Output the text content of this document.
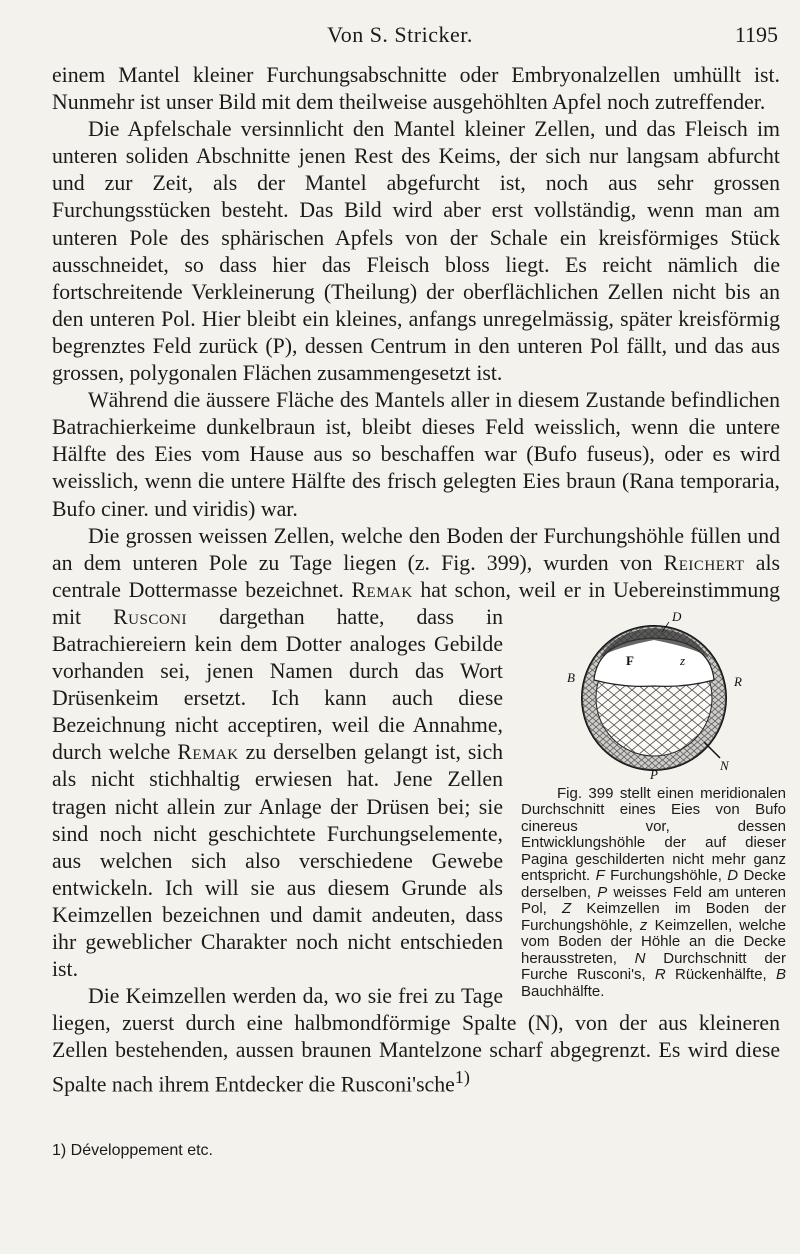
Von S. Stricker.	1195

einem Mantel kleiner Furchungsabschnitte oder Embryonalzellen umhüllt ist. Nunmehr ist unser Bild mit dem theilweise ausgehöhlten Apfel noch zutreffender.

Die Apfelschale versinnlicht den Mantel kleiner Zellen, und das Fleisch im unteren soliden Abschnitte jenen Rest des Keims, der sich nur langsam abfurcht und zur Zeit, als der Mantel abgefurcht ist, noch aus sehr grossen Furchungsstücken besteht. Das Bild wird aber erst vollständig, wenn man am unteren Pole des sphärischen Apfels von der Schale ein kreisförmiges Stück ausschneidet, so dass hier das Fleisch bloss liegt. Es reicht nämlich die fortschreitende Verkleinerung (Theilung) der oberflächlichen Zellen nicht bis an den unteren Pol. Hier bleibt ein kleines, anfangs unregelmässig, später kreisförmig begrenztes Feld zurück (P), dessen Centrum in den unteren Pol fällt, und das aus grossen, polygonalen Flächen zusammengesetzt ist.

Während die äussere Fläche des Mantels aller in diesem Zustande befindlichen Batrachierkeime dunkelbraun ist, bleibt dieses Feld weisslich, wenn die untere Hälfte des Eies vom Hause aus so beschaffen war (Bufo fuseus), oder es wird weisslich, wenn die untere Hälfte des frisch gelegten Eies braun (Rana temporaria, Bufo ciner. und viridis) war.

Die grossen weissen Zellen, welche den Boden der Furchungshöhle füllen und an dem unteren Pole zu Tage liegen (z. Fig. 399), wurden von Reichert als centrale Dottermasse bezeichnet. Remak hat schon, weil er in Uebereinstimmung mit	D
F	z
B	R
N
P
Fig. 399 stellt einen meridionalen Durchschnitt eines Eies von Bufo cinereus vor, dessen Entwicklungshöhle der auf dieser Pagina geschilderten nicht mehr ganz entspricht. F Furchungshöhle, D Decke derselben, P weisses Feld am unteren Pol, Z Keimzellen im Boden der Furchungshöhle, z Keimzellen, welche vom Boden der Höhle an die Decke herausstreten, N Durchschnitt der Furche Rusconi's, R Rückenhälfte, B Bauchhälfte.
Rusconi dargethan hatte, dass in Batrachiereiern kein dem Dotter analoges Gebilde vorhanden sei, jenen Namen durch das Wort Drüsenkeim ersetzt. Ich kann auch diese Bezeichnung nicht acceptiren, weil die Annahme, durch welche Remak zu derselben gelangt ist, sich als nicht stichhaltig erwiesen hat. Jene Zellen tragen nicht allein zur Anlage der Drüsen bei; sie sind noch nicht geschichtete Furchungselemente, aus welchen sich also verschiedene Gewebe entwickeln. Ich will sie aus diesem Grunde als Keimzellen bezeichnen und damit andeuten, dass ihr geweblicher Charakter noch nicht entschieden ist.

Die Keimzellen werden da, wo sie frei zu Tage liegen, zuerst durch eine halbmondförmige Spalte (N), von der aus kleineren Zellen bestehenden, aussen braunen Mantelzone scharf abgegrenzt. Es wird diese Spalte nach ihrem Entdecker die Rusconi'sche$^{1)}$

1) Développement etc.
